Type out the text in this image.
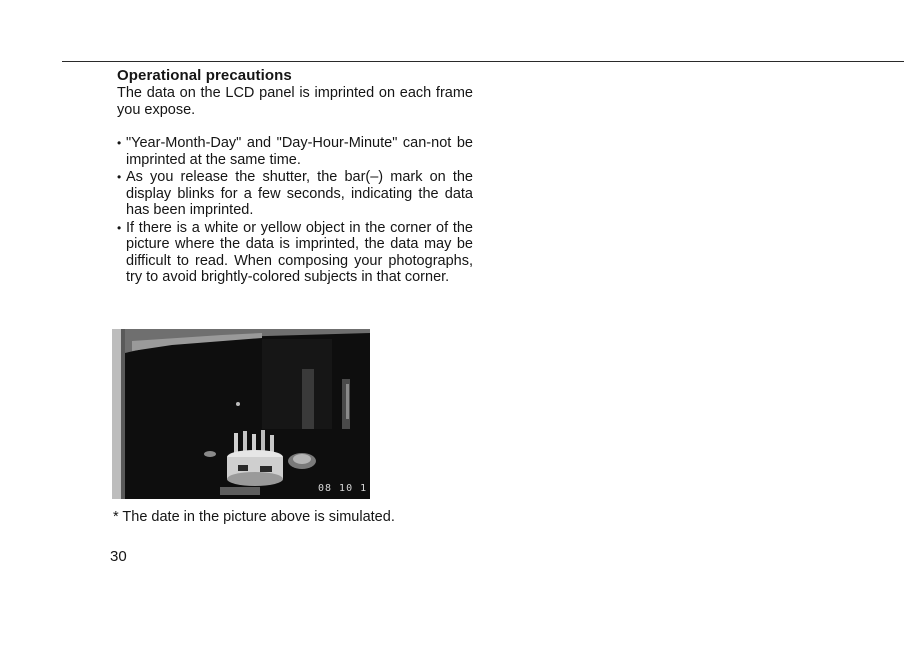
Operational precautions

The data on the LCD panel is imprinted on each frame you expose.

• "Year-Month-Day" and "Day-Hour-Minute" can-not be imprinted at the same time.
• As you release the shutter, the bar(–) mark on the display blinks for a few seconds, indicating the data has been imprinted.
• If there is a white or yellow object in the corner of the picture where the data is imprinted, the data may be difficult to read. When composing your photographs, try to avoid brightly-colored subjects in that corner.
08 10 1

* The date in the picture above is simulated.

30
